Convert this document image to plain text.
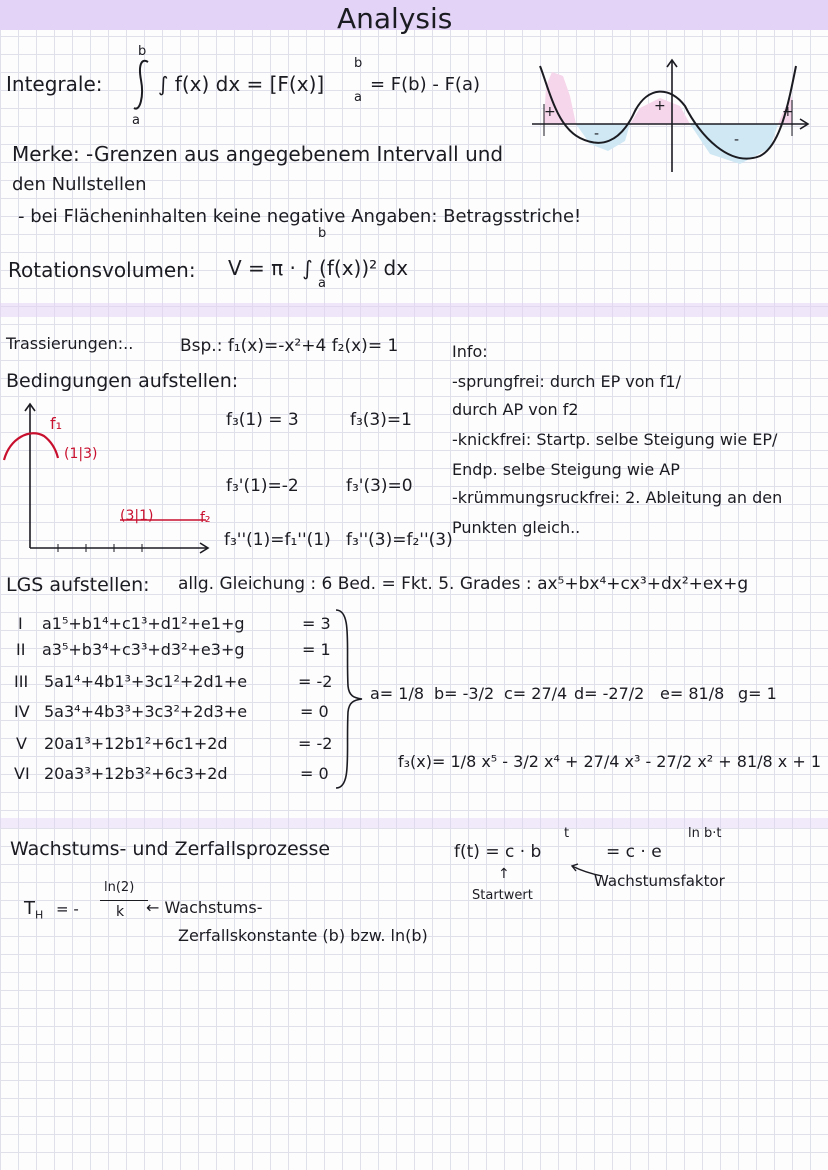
Analysis
Integrale:
b
a
∫ f(x) dx = [F(x)]
b
a
= F(b) - F(a)
+
-
+
-
+
Merke: -Grenzen aus angegebenem Intervall und
den Nullstellen
- bei Flächeninhalten keine negative Angaben: Betragsstriche!
Rotationsvolumen: V = π · ∫ (f(x))² dx
b
a
Trassierungen:..	Bsp.: f₁(x)=-x²+4 f₂(x)= 1
Bedingungen aufstellen:
f₃(1) = 3	f₃(3)=1
f₃'(1)=-2	f₃'(3)=0
f₃''(1)=f₁''(1) f₃''(3)=f₂''(3)
f₁
(1|3)
(3|1)	f₂
Info:
-sprungfrei: durch EP von f1/
durch AP von f2
-knickfrei: Startp. selbe Steigung wie EP/
Endp. selbe Steigung wie AP
-krümmungsruckfrei: 2. Ableitung an den
Punkten gleich..
LGS aufstellen: allg. Gleichung : 6 Bed. = Fkt. 5. Grades : ax⁵+bx⁴+cx³+dx²+ex+g
I a1⁵+b1⁴+c1³+d1²+e1+g	= 3
II a3⁵+b3⁴+c3³+d3²+e3+g	= 1
III 5a1⁴+4b1³+3c1²+2d1+e	= -2
IV 5a3⁴+4b3³+3c3²+2d3+e	= 0
V 20a1³+12b1²+6c1+2d	= -2
VI 20a3³+12b3²+6c3+2d	= 0
a= 1/8 b= -3/2 c= 27/4 d= -27/2 e= 81/8 g= 1
f₃(x)= 1/8 x⁵ - 3/2 x⁴ + 27/4 x³ - 27/2 x² + 81/8 x + 1
Wachstums- und Zerfallsprozesse	f(t) = c · b
t
= c · e
ln b·t
↑
Startwert
Wachstumsfaktor
$T_H$ = -
ln(2)
k ← Wachstums-
Zerfallskonstante (b) bzw. ln(b)
